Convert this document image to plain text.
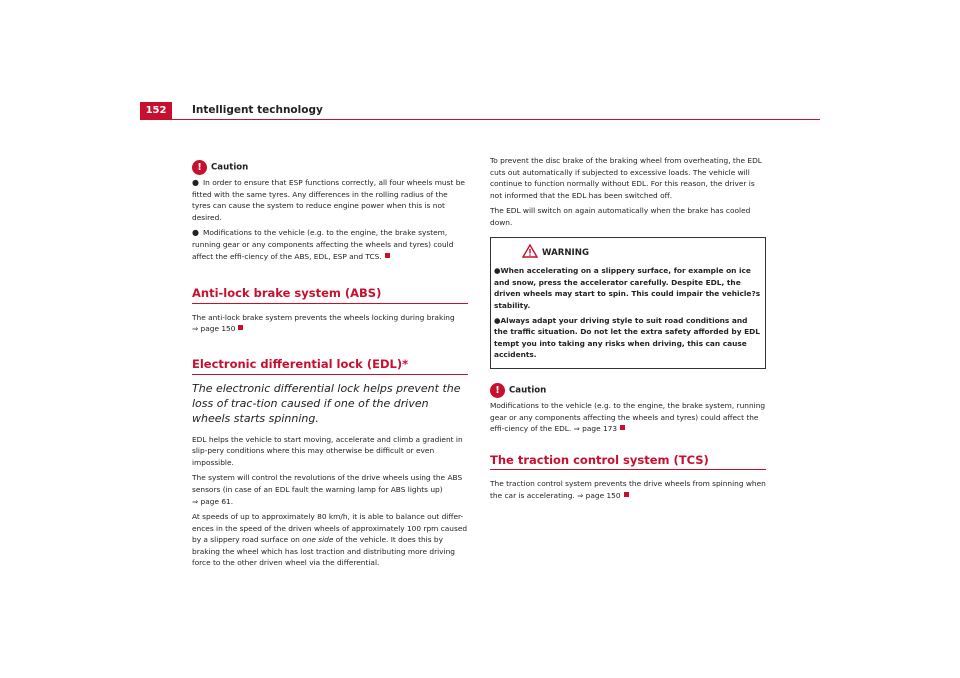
152	Intelligent technology
! Caution

● In order to ensure that ESP functions correctly, all four wheels must be fitted with the same tyres. Any differences in the rolling radius of the tyres can cause the system to reduce engine power when this is not desired.

● Modifications to the vehicle (e.g. to the engine, the brake system, running gear or any components affecting the wheels and tyres) could affect the effi-ciency of the ABS, EDL, ESP and TCS.

Anti-lock brake system (ABS)

The anti-lock brake system prevents the wheels locking during braking
⇒ page 150

Electronic differential lock (EDL)*
The electronic differential lock helps prevent the loss of trac-tion caused if one of the driven wheels starts spinning.

EDL helps the vehicle to start moving, accelerate and climb a gradient in slip-pery conditions where this may otherwise be difficult or even impossible.

The system will control the revolutions of the drive wheels using the ABS sensors (in case of an EDL fault the warning lamp for ABS lights up)
⇒ page 61.

At speeds of up to approximately 80 km/h, it is able to balance out differ-ences in the speed of the driven wheels of approximately 100 rpm caused by a slippery road surface on one side of the vehicle. It does this by braking the wheel which has lost traction and distributing more driving force to the other driven wheel via the differential.

To prevent the disc brake of the braking wheel from overheating, the EDL cuts out automatically if subjected to excessive loads. The vehicle will continue to function normally without EDL. For this reason, the driver is not informed that the EDL has been switched off.

The EDL will switch on again automatically when the brake has cooled down.

WARNING

●When accelerating on a slippery surface, for example on ice and snow, press the accelerator carefully. Despite EDL, the driven wheels may start to spin. This could impair the vehicle?s stability.

●Always adapt your driving style to suit road conditions and the traffic situation. Do not let the extra safety afforded by EDL tempt you into taking any risks when driving, this can cause accidents.

! Caution

Modifications to the vehicle (e.g. to the engine, the brake system, running gear or any components affecting the wheels and tyres) could affect the effi-ciency of the EDL. ⇒ page 173

The traction control system (TCS)

The traction control system prevents the drive wheels from spinning when the car is accelerating. ⇒ page 150
